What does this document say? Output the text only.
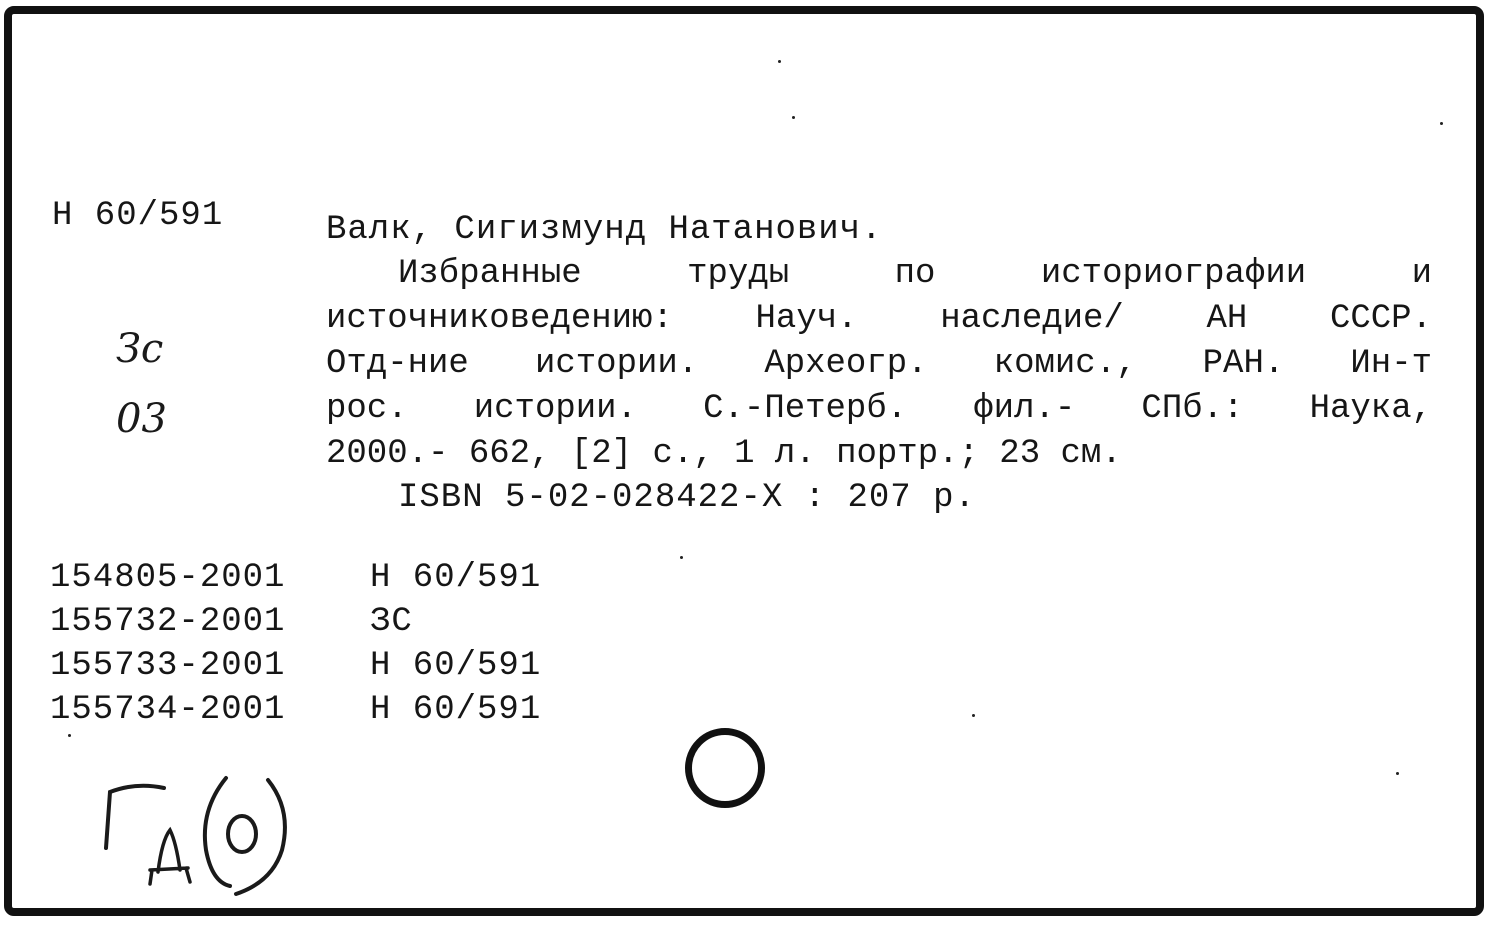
Н 60/591	Валк, Сигизмунд Натанович.
Избранные  труды  по  историографии  и
источниковедению: Науч. наследие/ АН СССР.
Отд-ние истории. Археогр. комис., РАН. Ин-т
рос. истории. С.-Петерб. фил.- СПб.: Наука,
2000.- 662, [2] с., 1 л. портр.; 23 см.
ISBN 5-02-028422-X : 207 р.
Зс
03
154805-2001	Н 60/591
155732-2001	ЗС
155733-2001	Н 60/591
155734-2001	Н 60/591
